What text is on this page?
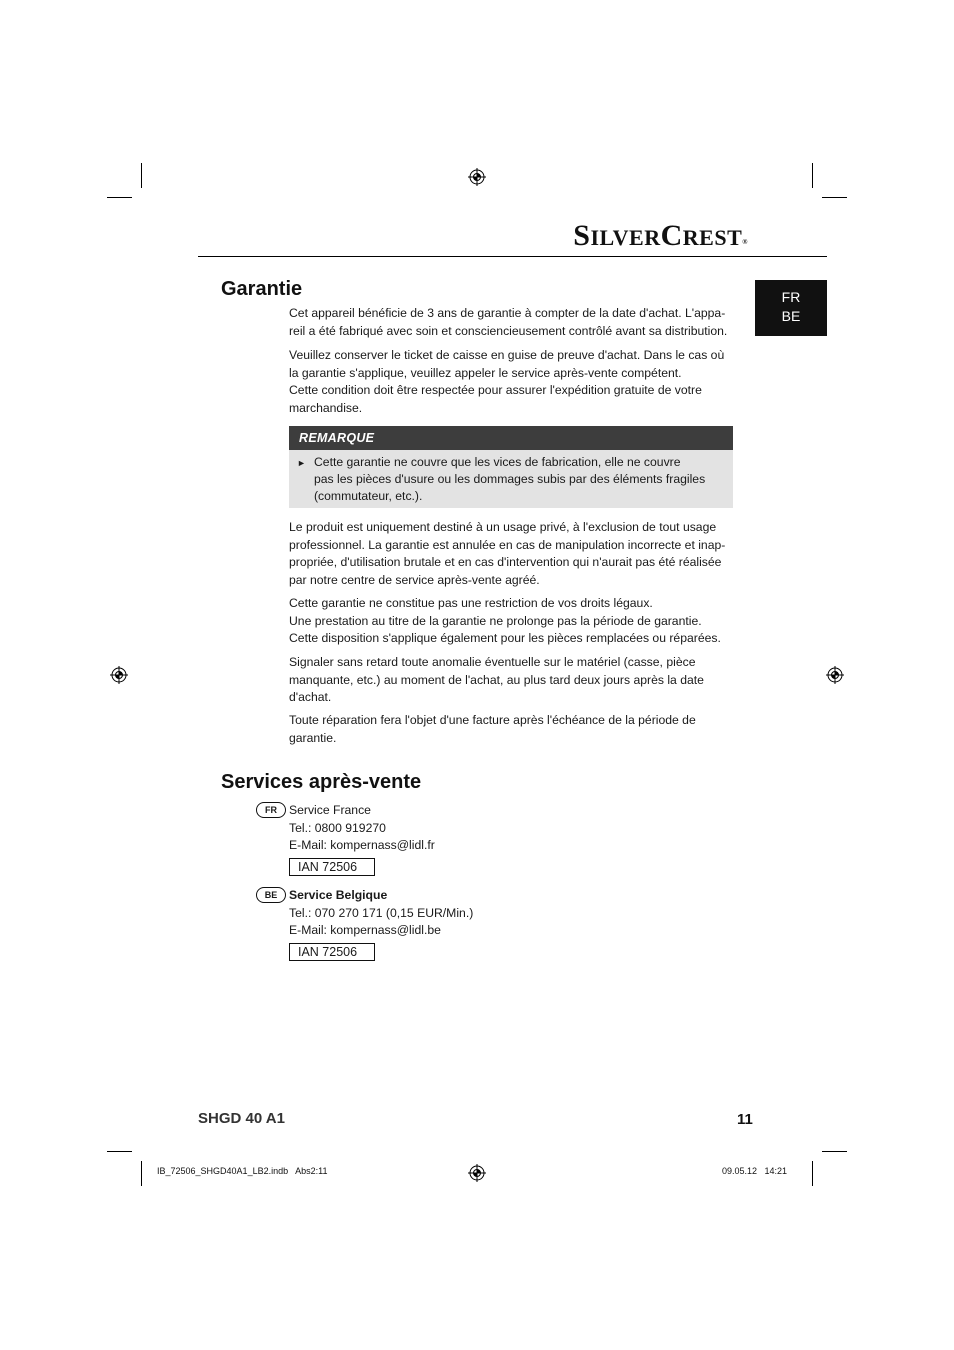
SILVERCREST®
FR
BE
Garantie

Cet appareil bénéficie de 3 ans de garantie à compter de la date d'achat. L'appa-

reil a été fabriqué avec soin et consciencieusement contrôlé avant sa distribution.

Veuillez conserver le ticket de caisse en guise de preuve d'achat. Dans le cas où

la garantie s'applique, veuillez appeler le service après-vente compétent.

Cette condition doit être respectée pour assurer l'expédition gratuite de votre

marchandise.

REMARQUE
► Cette garantie ne couvre que les vices de fabrication, elle ne couvre
pas les pièces d'usure ou les dommages subis par des éléments fragiles
(commutateur, etc.).

Le produit est uniquement destiné à un usage privé, à l'exclusion de tout usage

professionnel. La garantie est annulée en cas de manipulation incorrecte et inap-

propriée, d'utilisation brutale et en cas d'intervention qui n'aurait pas été réalisée

par notre centre de service après-vente agréé.

Cette garantie ne constitue pas une restriction de vos droits légaux.

Une prestation au titre de la garantie ne prolonge pas la période de garantie.

Cette disposition s'applique également pour les pièces remplacées ou réparées.

Signaler sans retard toute anomalie éventuelle sur le matériel (casse, pièce

manquante, etc.) au moment de l'achat, au plus tard deux jours après la date

d'achat.

Toute réparation fera l'objet d'une facture après l'échéance de la période de

garantie.

Services après-vente
FR Service France
Tel.: 0800 919270
E-Mail: kompernass@lidl.fr
IAN 72506
BE Service Belgique
Tel.: 070 270 171 (0,15 EUR/Min.)
E-Mail: kompernass@lidl.be
IAN 72506
SHGD 40 A1	11
IB_72506_SHGD40A1_LB2.indb   Abs2:11	09.05.12   14:21
